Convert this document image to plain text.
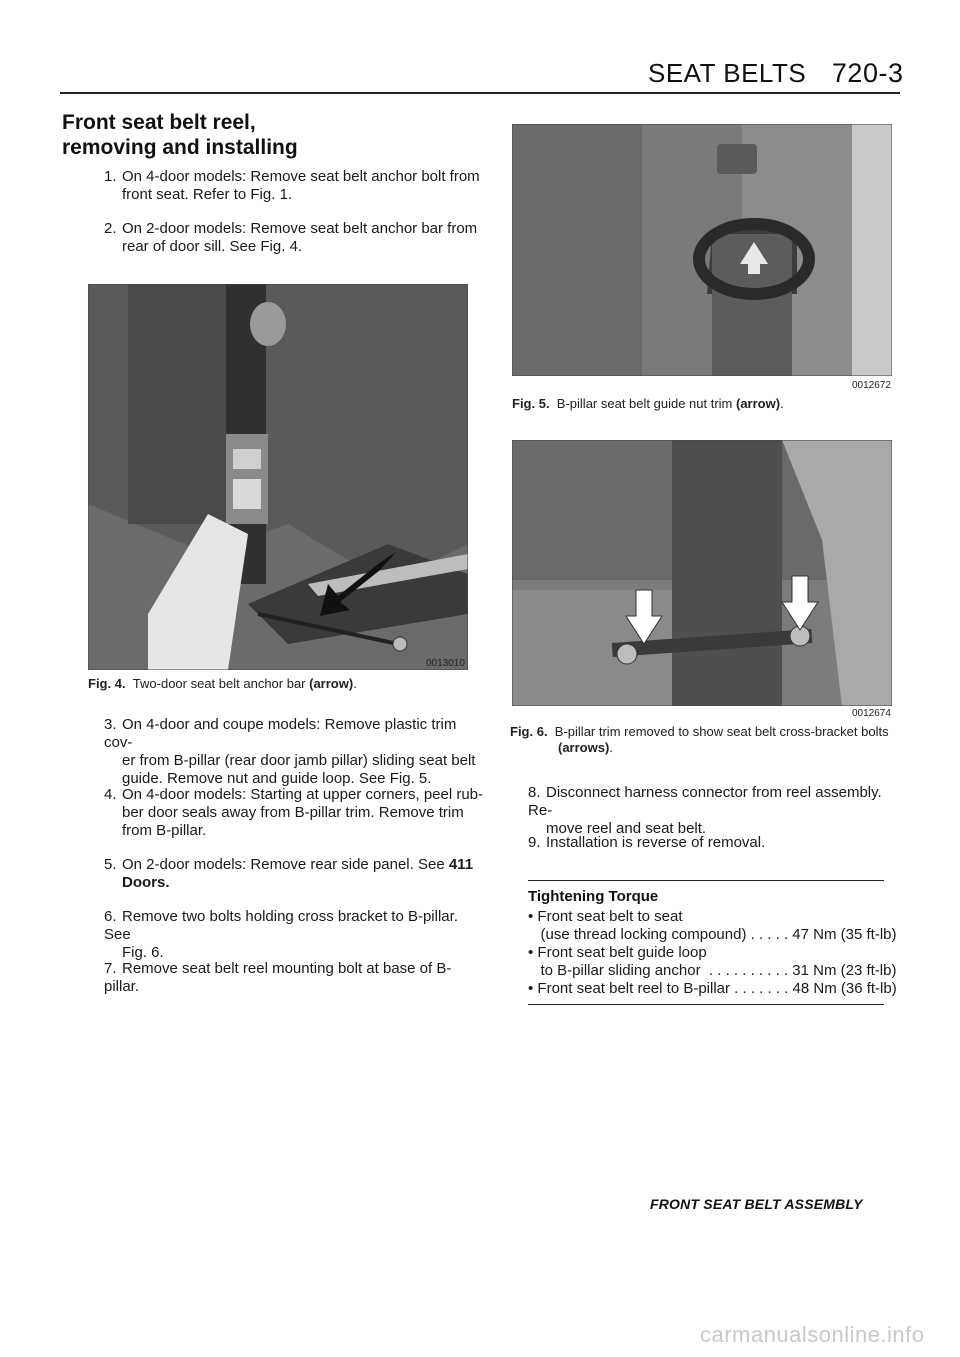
SEAT BELTS 720-3
Front seat belt reel,
removing and installing
1. On 4-door models: Remove seat belt anchor bolt from
front seat. Refer to Fig. 1.
2. On 2-door models: Remove seat belt anchor bar from
rear of door sill. See Fig. 4.
0013010
Fig. 4. Two-door seat belt anchor bar (arrow).
3. On 4-door and coupe models: Remove plastic trim cov-
er from B-pillar (rear door jamb pillar) sliding seat belt
guide. Remove nut and guide loop. See Fig. 5.
4. On 4-door models: Starting at upper corners, peel rub-
ber door seals away from B-pillar trim. Remove trim
from B-pillar.
5. On 2-door models: Remove rear side panel. See 411
Doors.
6. Remove two bolts holding cross bracket to B-pillar. See
Fig. 6.
7. Remove seat belt reel mounting bolt at base of B-pillar.
0012672
Fig. 5. B-pillar seat belt guide nut trim (arrow).
0012674
Fig. 6. B-pillar trim removed to show seat belt cross-bracket bolts
(arrows).
8. Disconnect harness connector from reel assembly. Re-
move reel and seat belt.
9. Installation is reverse of removal.
Tightening Torque
• Front seat belt to seat
(use thread locking compound) . . . . . 47 Nm (35 ft-lb)
• Front seat belt guide loop
to B-pillar sliding anchor  . . . . . . . . . . 31 Nm (23 ft-lb)
• Front seat belt reel to B-pillar . . . . . . . 48 Nm (36 ft-lb)
FRONT SEAT BELT ASSEMBLY
carmanualsonline.info
